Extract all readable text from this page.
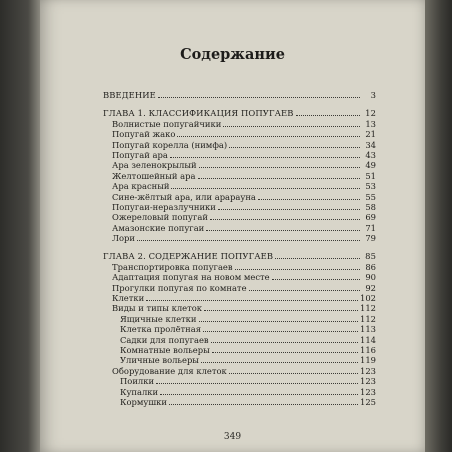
Содержание
ВВЕДЕНИЕ	3
ГЛАВА 1. КЛАССИФИКАЦИЯ ПОПУГАЕВ	12
Волнистые попугайчики	13
Попугай жако	21
Попугай корелла (нимфа)	34
Попугай ара	43
Ара зеленокрылый	49
Желтошейный ара	51
Ара красный	53
Сине-жёлтый ара, или арарауна	55
Попугаи-неразлучники	58
Ожереловый попугай	69
Амазонские попугаи	71
Лори	79
ГЛАВА 2. СОДЕРЖАНИЕ ПОПУГАЕВ	85
Транспортировка попугаев	86
Адаптация попугая на новом месте	90
Прогулки попугая по комнате	92
Клетки	102
Виды и типы клеток	112
Ящичные клетки	112
Клетка пролётная	113
Садки для попугаев	114
Комнатные вольеры	116
Уличные вольеры	119
Оборудование для клеток	123
Поилки	123
Купалки	123
Кормушки	125
349
